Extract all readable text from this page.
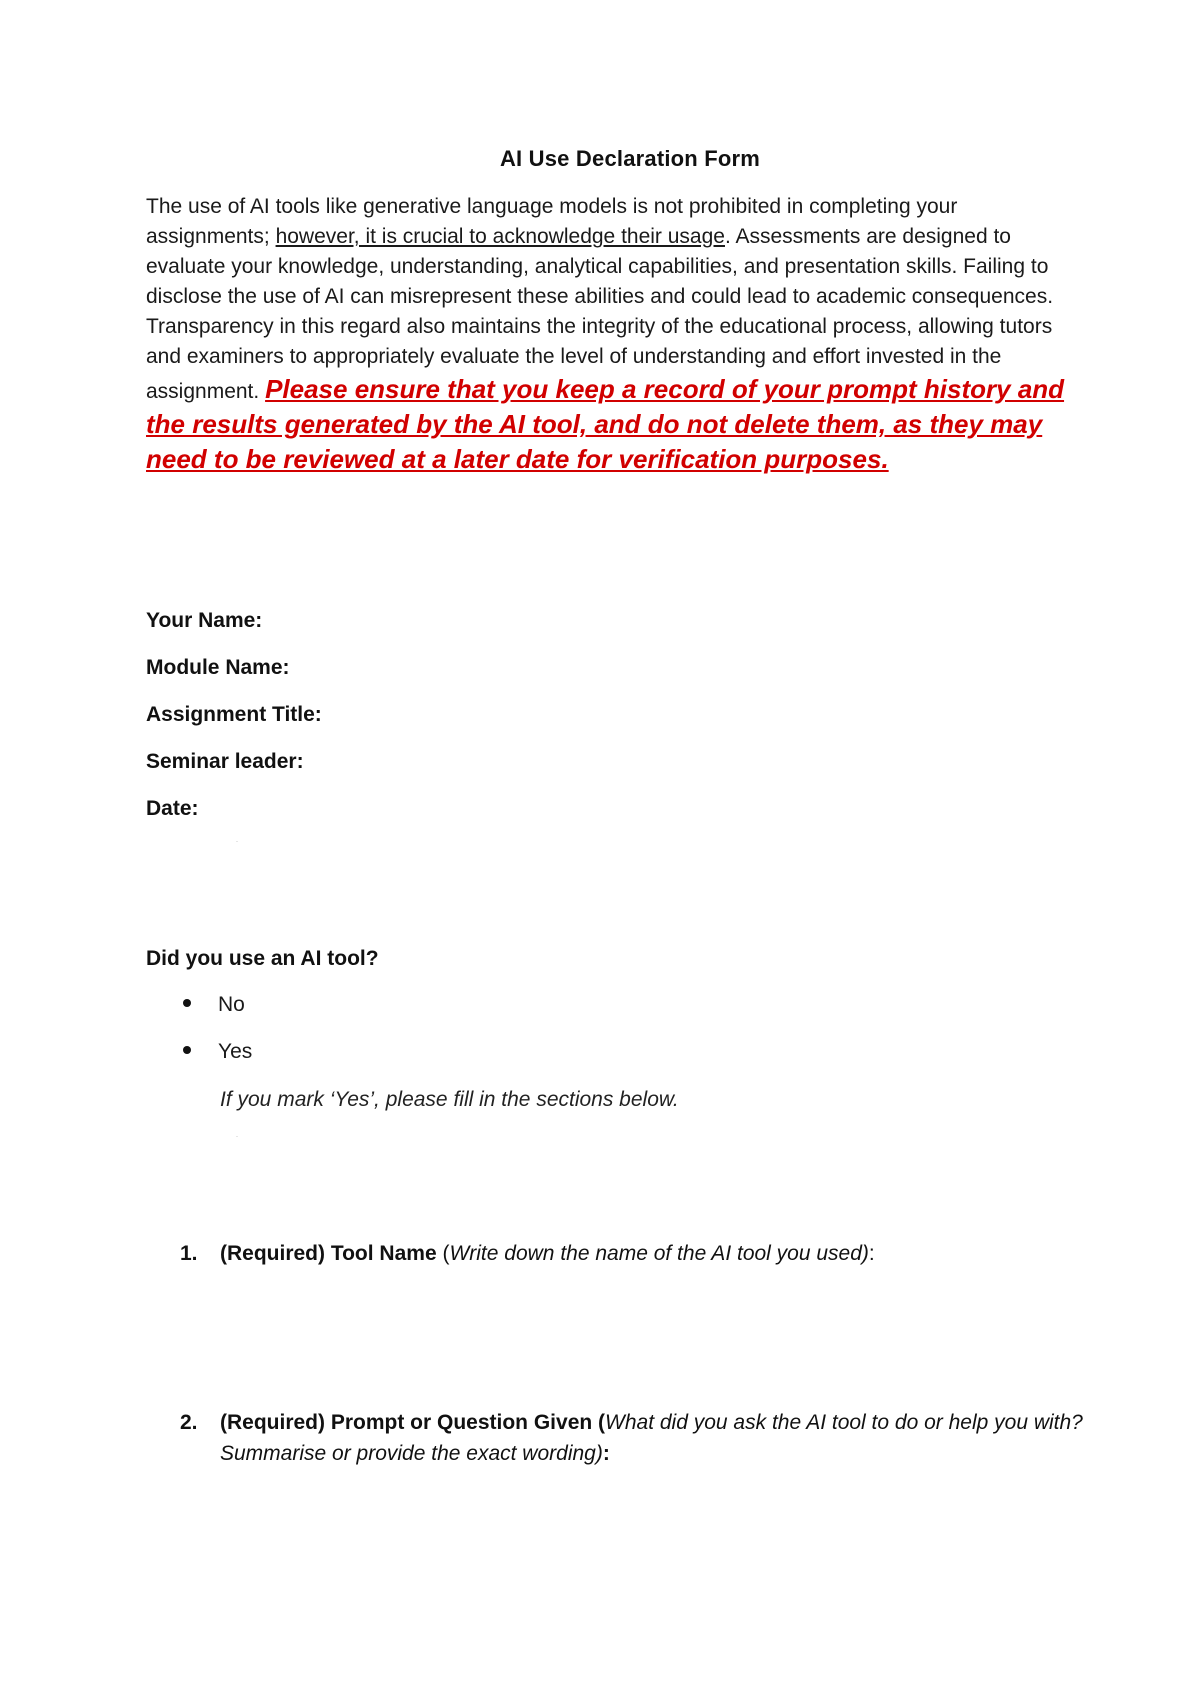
AI Use Declaration Form
The use of AI tools like generative language models is not prohibited in completing your assignments; however, it is crucial to acknowledge their usage. Assessments are designed to evaluate your knowledge, understanding, analytical capabilities, and presentation skills. Failing to disclose the use of AI can misrepresent these abilities and could lead to academic consequences. Transparency in this regard also maintains the integrity of the educational process, allowing tutors and examiners to appropriately evaluate the level of understanding and effort invested in the assignment. Please ensure that you keep a record of your prompt history and the results generated by the AI tool, and do not delete them, as they may need to be reviewed at a later date for verification purposes.
Your Name:
Module Name:
Assignment Title:
Seminar leader:
Date:
Did you use an AI tool?
No
Yes
If you mark ‘Yes’, please fill in the sections below.
1. (Required) Tool Name (Write down the name of the AI tool you used):
2. (Required) Prompt or Question Given (What did you ask the AI tool to do or help you with? Summarise or provide the exact wording):
